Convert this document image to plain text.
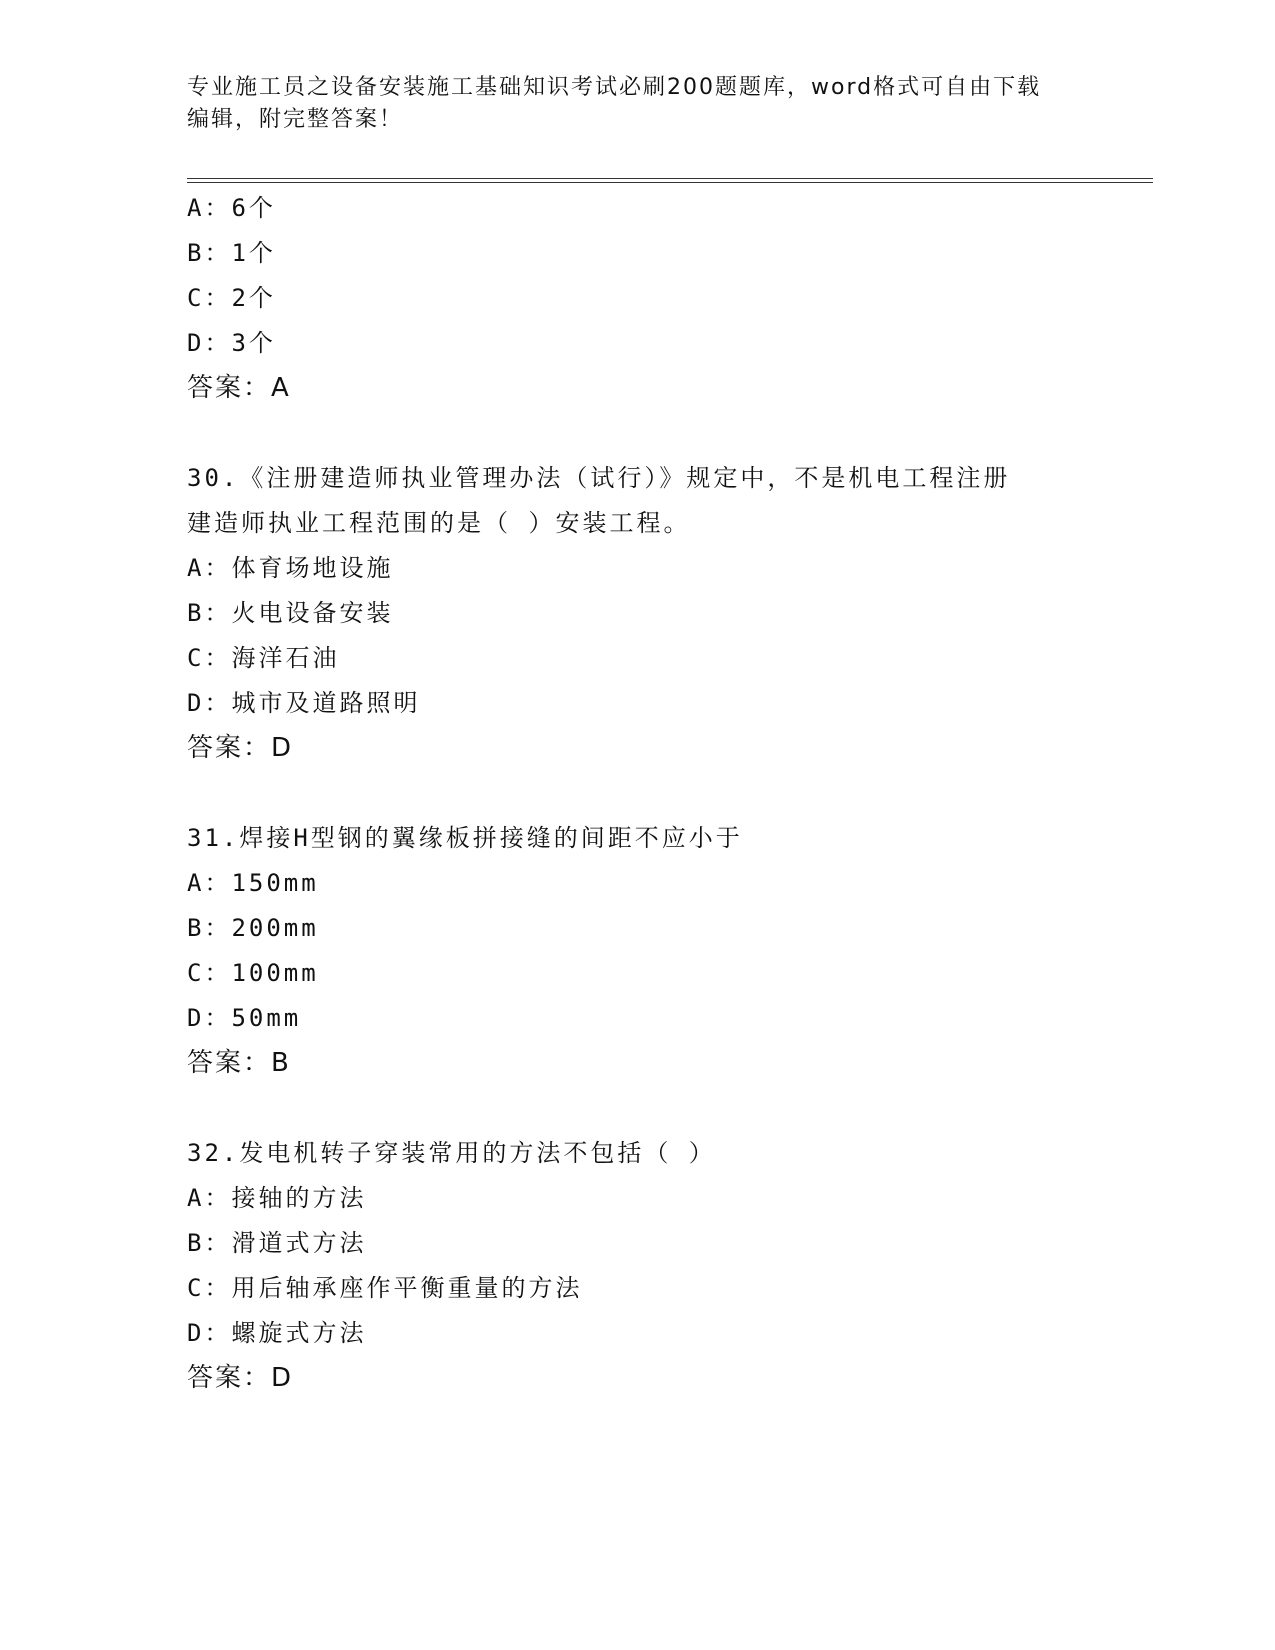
专业施工员之设备安装施工基础知识考试必刷200题题库，word格式可自由下载
编辑，附完整答案！
A：6个
B：1个
C：2个
D：3个
答案：A
30.《注册建造师执业管理办法（试行）》规定中，不是机电工程注册
建造师执业工程范围的是（ ）安装工程。
A：体育场地设施
B：火电设备安装
C：海洋石油
D：城市及道路照明
答案：D
31.焊接H型钢的翼缘板拼接缝的间距不应小于
A：150mm
B：200mm
C：100mm
D：50mm
答案：B
32.发电机转子穿装常用的方法不包括（ ）
A：接轴的方法
B：滑道式方法
C：用后轴承座作平衡重量的方法
D：螺旋式方法
答案：D
